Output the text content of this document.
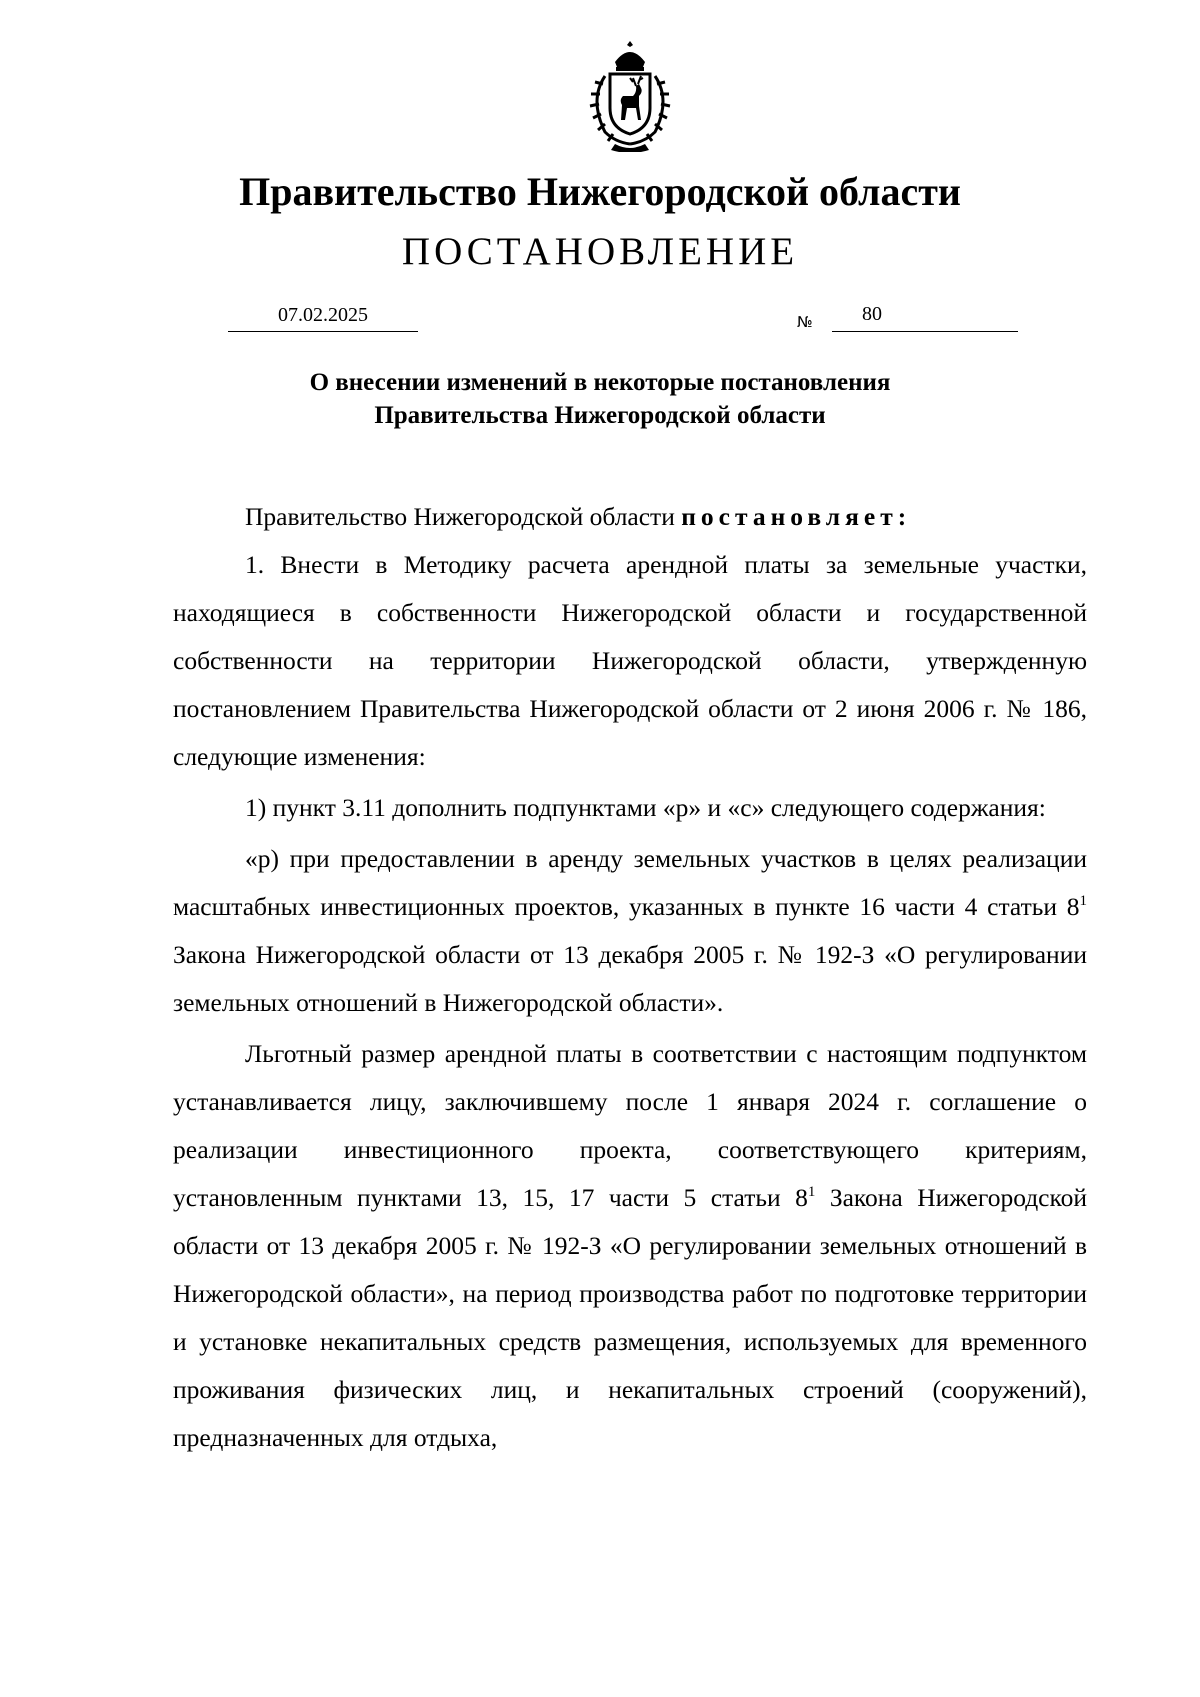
Правительство Нижегородской области
ПОСТАНОВЛЕНИЕ
07.02.2025	№ 80
О внесении изменений в некоторые постановления
Правительства Нижегородской области

Правительство Нижегородской области постановляет:

1. Внести в Методику расчета арендной платы за земельные участки, находящиеся в собственности Нижегородской области и государственной собственности на территории Нижегородской области, утвержденную постановлением Правительства Нижегородской области от 2 июня 2006 г. № 186, следующие изменения:

1) пункт 3.11 дополнить подпунктами «р» и «с» следующего содержания:

«р) при предоставлении в аренду земельных участков в целях реализации масштабных инвестиционных проектов, указанных в пункте 16 части 4 статьи $8^1$ Закона Нижегородской области от 13 декабря 2005 г. № 192-З «О регулировании земельных отношений в Нижегородской области».

Льготный размер арендной платы в соответствии с настоящим подпунктом устанавливается лицу, заключившему после 1 января 2024 г. соглашение о реализации инвестиционного проекта, соответствующего критериям, установленным пунктами 13, 15, 17 части 5 статьи $8^1$ Закона Нижегородской области от 13 декабря 2005 г. № 192-З «О регулировании земельных отношений в Нижегородской области», на период производства работ по подготовке территории и установке некапитальных средств размещения, используемых для временного проживания физических лиц, и некапитальных строений (сооружений), предназначенных для отдыха,
